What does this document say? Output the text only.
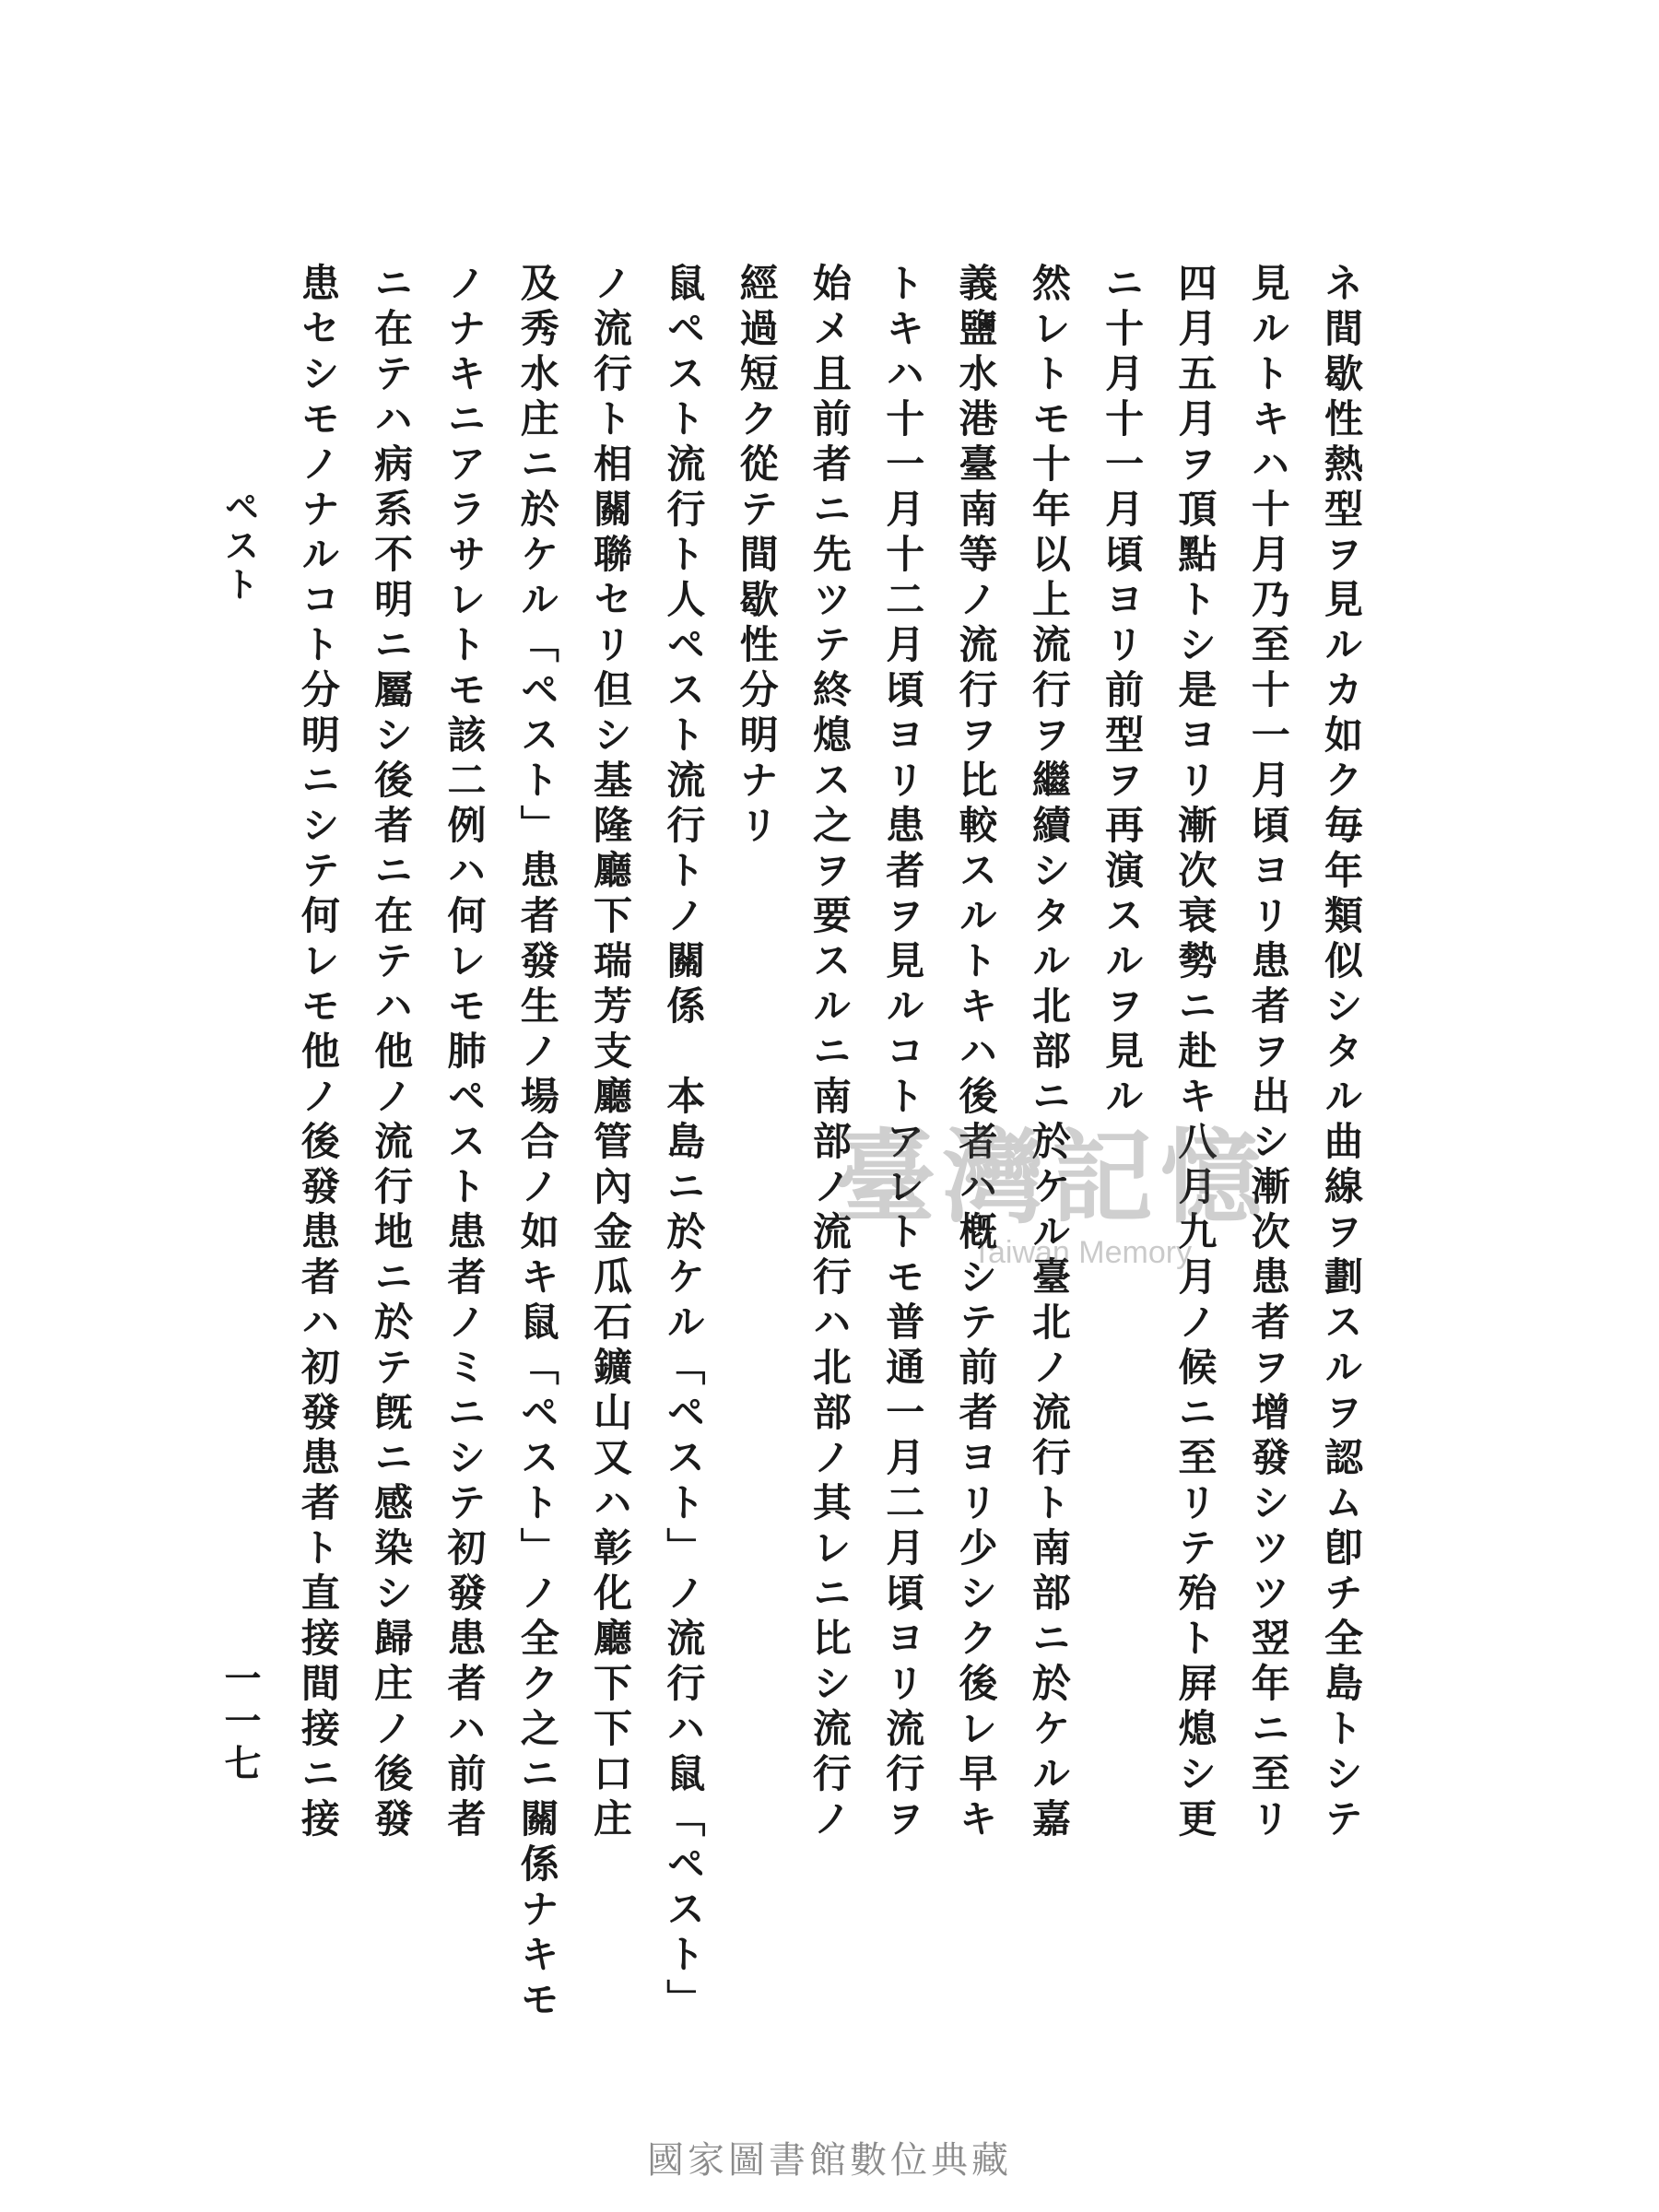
ネ間歇性熱型ヲ見ルカ如ク毎年類似シタル曲線ヲ劃スルヲ認ム卽チ全島トシテ
見ルトキハ十月乃至十一月頃ヨリ患者ヲ出シ漸次患者ヲ增發シツツ翌年ニ至リ
四月五月ヲ頂點トシ是ヨリ漸次衰勢ニ赴キ八月九月ノ候ニ至リテ殆ト屛熄シ更
ニ十月十一月頃ヨリ前型ヲ再演スルヲ見ル
然レトモ十年以上流行ヲ繼續シタル北部ニ於ケル臺北ノ流行ト南部ニ於ケル嘉
義鹽水港臺南等ノ流行ヲ比較スルトキハ後者ハ槪シテ前者ヨリ少シク後レ早キ
トキハ十一月十二月頃ヨリ患者ヲ見ルコトアレトモ普通一月二月頃ヨリ流行ヲ
始メ且前者ニ先ツテ終熄ス之ヲ要スルニ南部ノ流行ハ北部ノ其レニ比シ流行ノ
經過短ク從テ間歇性分明ナリ
鼠ペスト流行ト人ペスト流行トノ關係　本島ニ於ケル「ペスト」ノ流行ハ鼠「ペスト」
ノ流行ト相關聯セリ但シ基隆廳下瑞芳支廳管內金瓜石鑛山又ハ彰化廳下下口庄
及秀水庄ニ於ケル「ペスト」患者發生ノ場合ノ如キ鼠「ペスト」ノ全ク之ニ關係ナキモ
ノナキニアラサレトモ該二例ハ何レモ肺ペスト患者ノミニシテ初發患者ハ前者
ニ在テハ病系不明ニ屬シ後者ニ在テハ他ノ流行地ニ於テ旣ニ感染シ歸庄ノ後發
患セシモノナルコト分明ニシテ何レモ他ノ後發患者ハ初發患者ト直接間接ニ接
ペスト
一一七
臺灣記憶
Taiwan Memory
國家圖書館數位典藏
